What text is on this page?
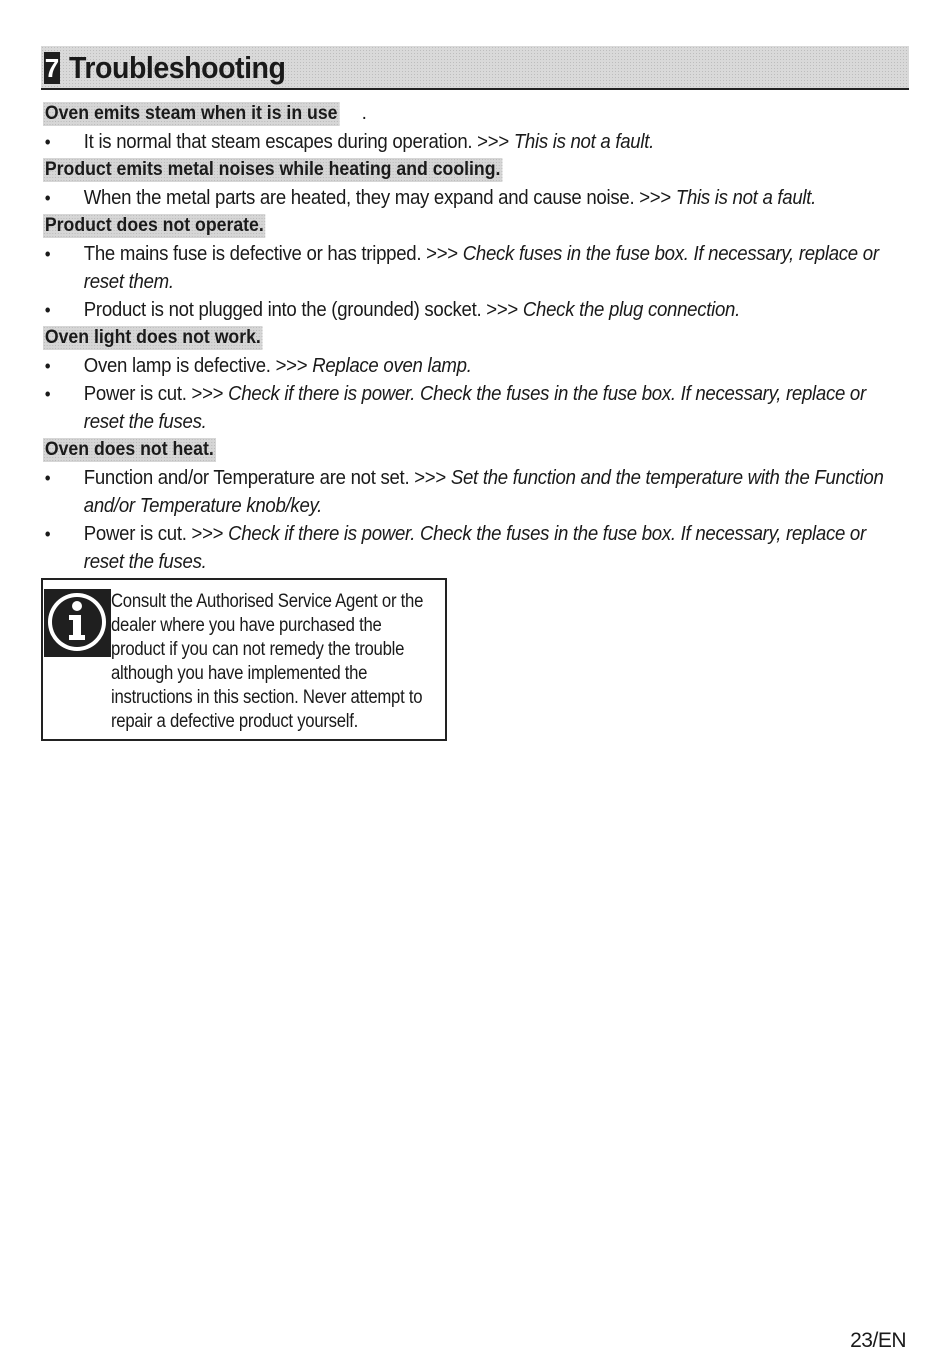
7 Troubleshooting
Oven emits steam when it is in use .
• It is normal that steam escapes during operation. >>> This is not a fault.
Product emits metal noises while heating and cooling.
• When the metal parts are heated, they may expand and cause noise. >>> This is not a fault.
Product does not operate.
• The mains fuse is defective or has tripped. >>> Check fuses in the fuse box. If necessary, replace or reset them.
• Product is not plugged into the (grounded) socket. >>> Check the plug connection.
Oven light does not work.
• Oven lamp is defective. >>> Replace oven lamp.
• Power is cut. >>> Check if there is power. Check the fuses in the fuse box. If necessary, replace or reset the fuses.
Oven does not heat.
• Function and/or Temperature are not set. >>> Set the function and the temperature with the Function and/or Temperature knob/key.
• Power is cut. >>> Check if there is power. Check the fuses in the fuse box. If necessary, replace or reset the fuses.
Consult the Authorised Service Agent or the dealer where you have purchased the product if you can not remedy the trouble although you have implemented the instructions in this section. Never attempt to repair a defective product yourself.
23/EN
